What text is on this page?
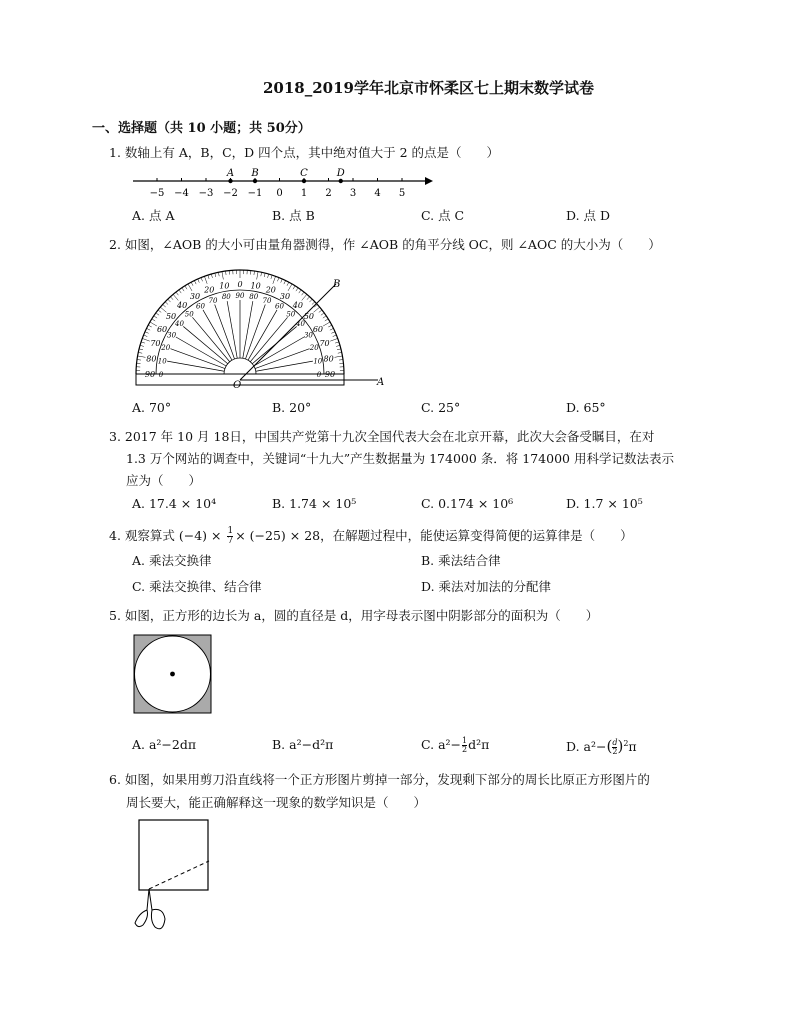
2018_2019学年北京市怀柔区七上期末数学试卷
一、选择题（共 10 小题；共 50分）
1. 数轴上有 A，B，C，D 四个点，其中绝对值大于 2 的点是（　　）
−5 −4 −3 −2 −1 0 1 2 3 4 5
A B	C	D
A. 点 A	B. 点 B	C. 点 C	D. 点 D
2. 如图，∠AOB 的大小可由量角器测得，作 ∠AOB 的角平分线 OC，则 ∠AOC 的大小为（　　）
90
0
80
10
70
20
60
30
50
40
40
50
30
60
20
70
10
80
0
90
10
80
20
70
30
60
40
50
50
40
60
30
70 20
80 10
90 0
O	A
B
A. 70°	B. 20°	C. 25°	D. 65°
3. 2017 年 10 月 18日，中国共产党第十九次全国代表大会在北京开幕，此次大会备受瞩目，在对
1.3 万个网站的调查中，关键词“十九大”产生数据量为 174000 条．将 174000 用科学记数法表示
应为（　　）
A. 17.4 × 10⁴	B. 1.74 × 10⁵	C. 0.174 × 10⁶	D. 1.7 × 10⁵
4. 观察算式 $(-4) \times \frac{1}{7} \times (-25) \times 28$，在解题过程中，能使运算变得简便的运算律是（　　）
A. 乘法交换律	B. 乘法结合律
C. 乘法交换律、结合律	D. 乘法对加法的分配律
5. 如图，正方形的边长为 a，圆的直径是 d，用字母表示图中阴影部分的面积为（　　）
A. a²−2dπ	B. a²−d²π	C. $a^2- \frac{1}{2} d^2\pi$	D. $a^2-( \frac{d}{2} )^2\pi$
6. 如图，如果用剪刀沿直线将一个正方形图片剪掉一部分，发现剩下部分的周长比原正方形图片的
周长要大，能正确解释这一现象的数学知识是（　　）
